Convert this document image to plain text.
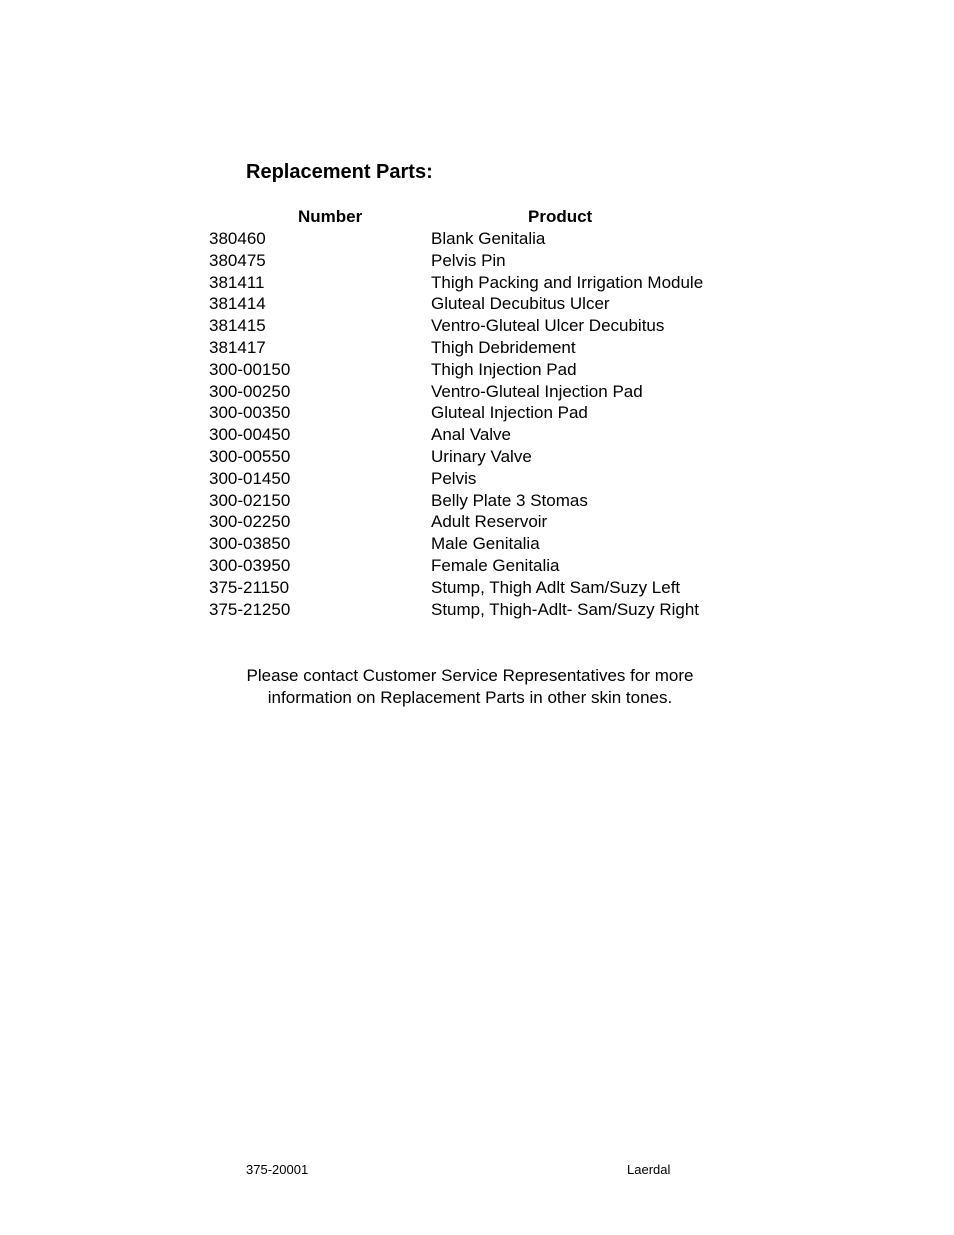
Replacement Parts:
Number	Product
380460	Blank Genitalia
380475	Pelvis Pin
381411	Thigh Packing and Irrigation Module
381414	Gluteal Decubitus Ulcer
381415	Ventro-Gluteal Ulcer Decubitus
381417	Thigh Debridement
300-00150	Thigh Injection Pad
300-00250	Ventro-Gluteal Injection Pad
300-00350	Gluteal Injection Pad
300-00450	Anal Valve
300-00550	Urinary Valve
300-01450	Pelvis
300-02150	Belly Plate 3 Stomas
300-02250	Adult Reservoir
300-03850	Male Genitalia
300-03950	Female Genitalia
375-21150	Stump, Thigh Adlt Sam/Suzy Left
375-21250	Stump, Thigh-Adlt- Sam/Suzy Right

Please contact Customer Service Representatives for more
information on Replacement Parts in other skin tones.

375-20001	Laerdal
